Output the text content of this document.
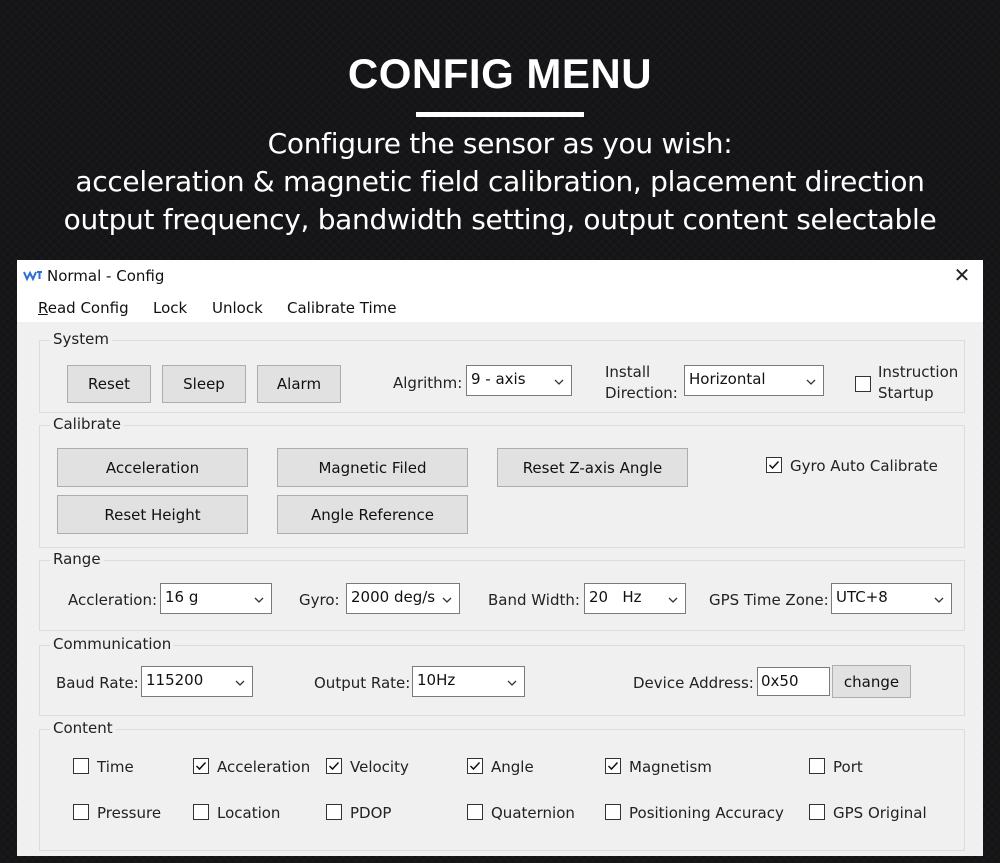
CONFIG MENU
Configure the sensor as you wish:
acceleration & magnetic field calibration, placement direction
output frequency, bandwidth setting, output content selectable
Normal - Config	✕
Read Config Lock Unlock Calibrate Time
System
Reset	Sleep	Alarm	Algrithm: 9 - axis	Install
Direction:
Horizontal	Instruction
Startup
Calibrate
Acceleration	Magnetic Filed	Reset Z-axis Angle	Gyro Auto Calibrate
Reset Height	Angle Reference
Range
Accleration: 16 g	Gyro: 2000 deg/s	Band Width: 20   Hz	GPS Time Zone: UTC+8
Communication
Baud Rate: 115200	Output Rate: 10Hz	Device Address: 0x50	change
Content
Time	Acceleration	Velocity	Angle	Magnetism	Port
Pressure	Location	PDOP	Quaternion	Positioning Accuracy	GPS Original
